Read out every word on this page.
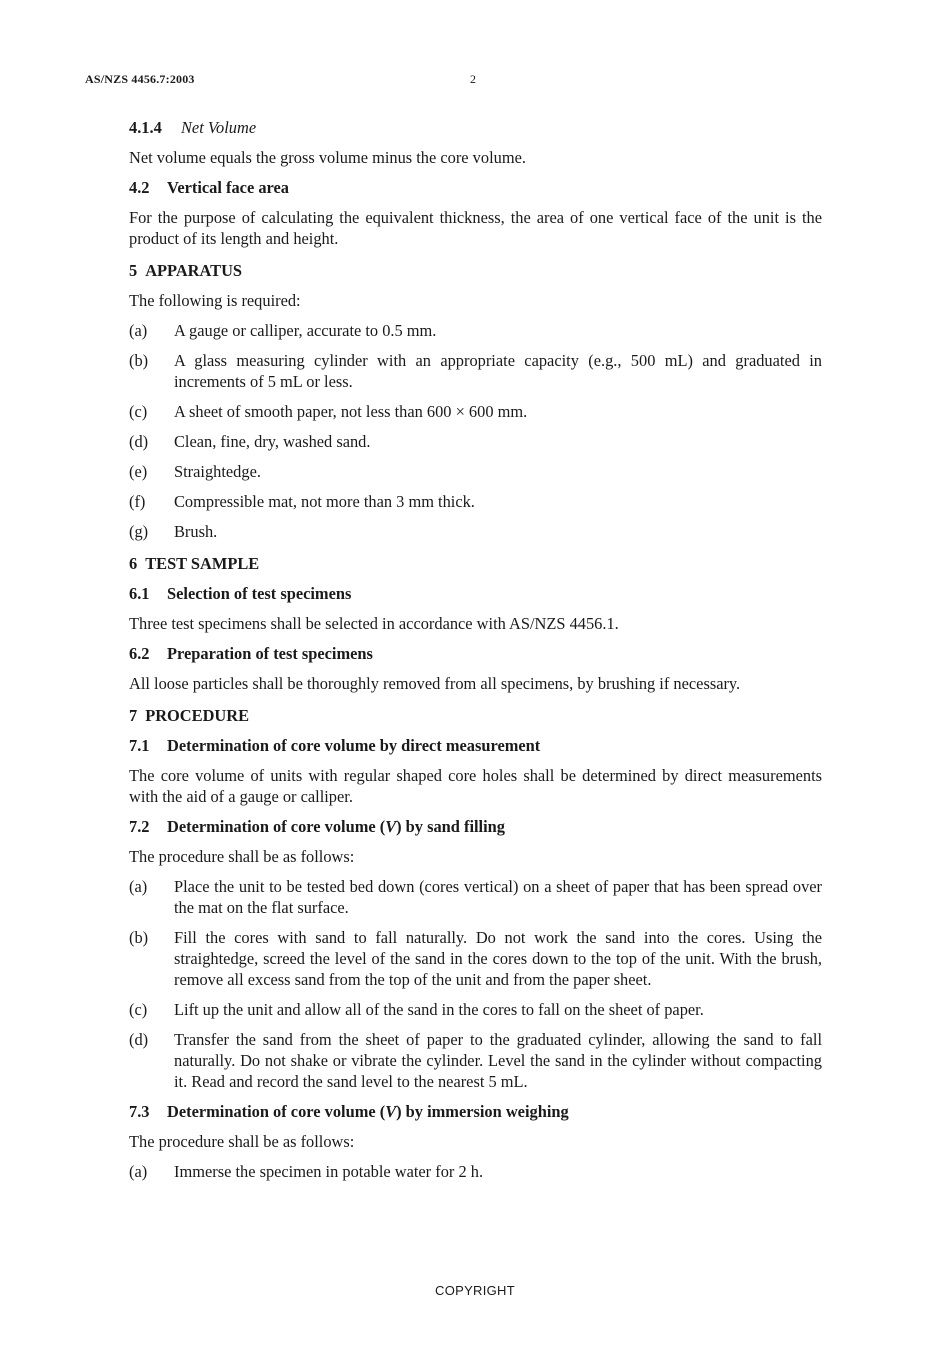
AS/NZS 4456.7:2003	2
4.1.4 Net Volume
Net volume equals the gross volume minus the core volume.
4.2 Vertical face area
For the purpose of calculating the equivalent thickness, the area of one vertical face of the unit is the product of its length and height.
5 APPARATUS
The following is required:
(a)	A gauge or calliper, accurate to 0.5 mm.
(b)	A glass measuring cylinder with an appropriate capacity (e.g., 500 mL) and graduated in increments of 5 mL or less.
(c)	A sheet of smooth paper, not less than 600 × 600 mm.
(d)	Clean, fine, dry, washed sand.
(e)	Straightedge.
(f)	Compressible mat, not more than 3 mm thick.
(g)	Brush.
6 TEST SAMPLE
6.1 Selection of test specimens
Three test specimens shall be selected in accordance with AS/NZS 4456.1.
6.2 Preparation of test specimens
All loose particles shall be thoroughly removed from all specimens, by brushing if necessary.
7 PROCEDURE
7.1 Determination of core volume by direct measurement
The core volume of units with regular shaped core holes shall be determined by direct measurements with the aid of a gauge or calliper.
7.2 Determination of core volume (V) by sand filling
The procedure shall be as follows:
(a)	Place the unit to be tested bed down (cores vertical) on a sheet of paper that has been spread over the mat on the flat surface.
(b)	Fill the cores with sand to fall naturally. Do not work the sand into the cores. Using the straightedge, screed the level of the sand in the cores down to the top of the unit. With the brush, remove all excess sand from the top of the unit and from the paper sheet.
(c)	Lift up the unit and allow all of the sand in the cores to fall on the sheet of paper.
(d)	Transfer the sand from the sheet of paper to the graduated cylinder, allowing the sand to fall naturally. Do not shake or vibrate the cylinder. Level the sand in the cylinder without compacting it. Read and record the sand level to the nearest 5 mL.
7.3 Determination of core volume (V) by immersion weighing
The procedure shall be as follows:
(a)	Immerse the specimen in potable water for 2 h.
COPYRIGHT
